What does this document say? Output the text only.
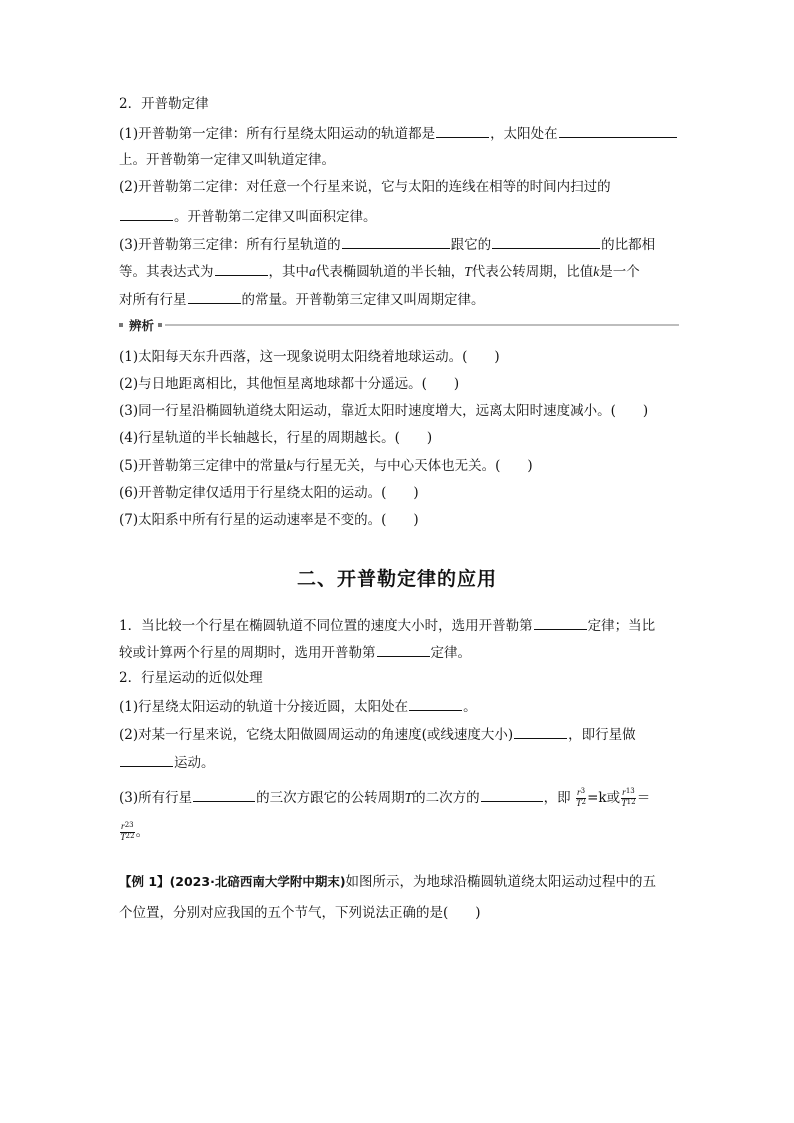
2．开普勒定律
(1)开普勒第一定律：所有行星绕太阳运动的轨道都是	，太阳处在
上。开普勒第一定律又叫轨道定律。
(2)开普勒第二定律：对任意一个行星来说，它与太阳的连线在相等的时间内扫过的
。开普勒第二定律又叫面积定律。
(3)开普勒第三定律：所有行星轨道的	跟它的	的比都相
等。其表达式为	，其中a代表椭圆轨道的半长轴，T代表公转周期，比值k是一个
对所有行星	的常量。开普勒第三定律又叫周期定律。
辨析
(1)太阳每天东升西落，这一现象说明太阳绕着地球运动。(　　)
(2)与日地距离相比，其他恒星离地球都十分遥远。(　　)
(3)同一行星沿椭圆轨道绕太阳运动，靠近太阳时速度增大，远离太阳时速度减小。(　　)
(4)行星轨道的半长轴越长，行星的周期越长。(　　)
(5)开普勒第三定律中的常量k与行星无关，与中心天体也无关。(　　)
(6)开普勒定律仅适用于行星绕太阳的运动。(　　)
(7)太阳系中所有行星的运动速率是不变的。(　　)
二、开普勒定律的应用
1．当比较一个行星在椭圆轨道不同位置的速度大小时，选用开普勒第	定律；当比
较或计算两个行星的周期时，选用开普勒第	定律。
2．行星运动的近似处理
(1)行星绕太阳运动的轨道十分接近圆，太阳处在	。
(2)对某一行星来说，它绕太阳做圆周运动的角速度(或线速度大小)	，即行星做
运动。
(3)所有行星	的三次方跟它的公转周期T的二次方的	，即 $\frac{r^3}{T^2} =k$或 $\frac{r^{13}}{T^{12}}$ ＝
$\frac{r^{23}}{T^{22}}$ 。
【例 1】(2023·北碚西南大学附中期末)如图所示，为地球沿椭圆轨道绕太阳运动过程中的五
个位置，分别对应我国的五个节气，下列说法正确的是(　　)
